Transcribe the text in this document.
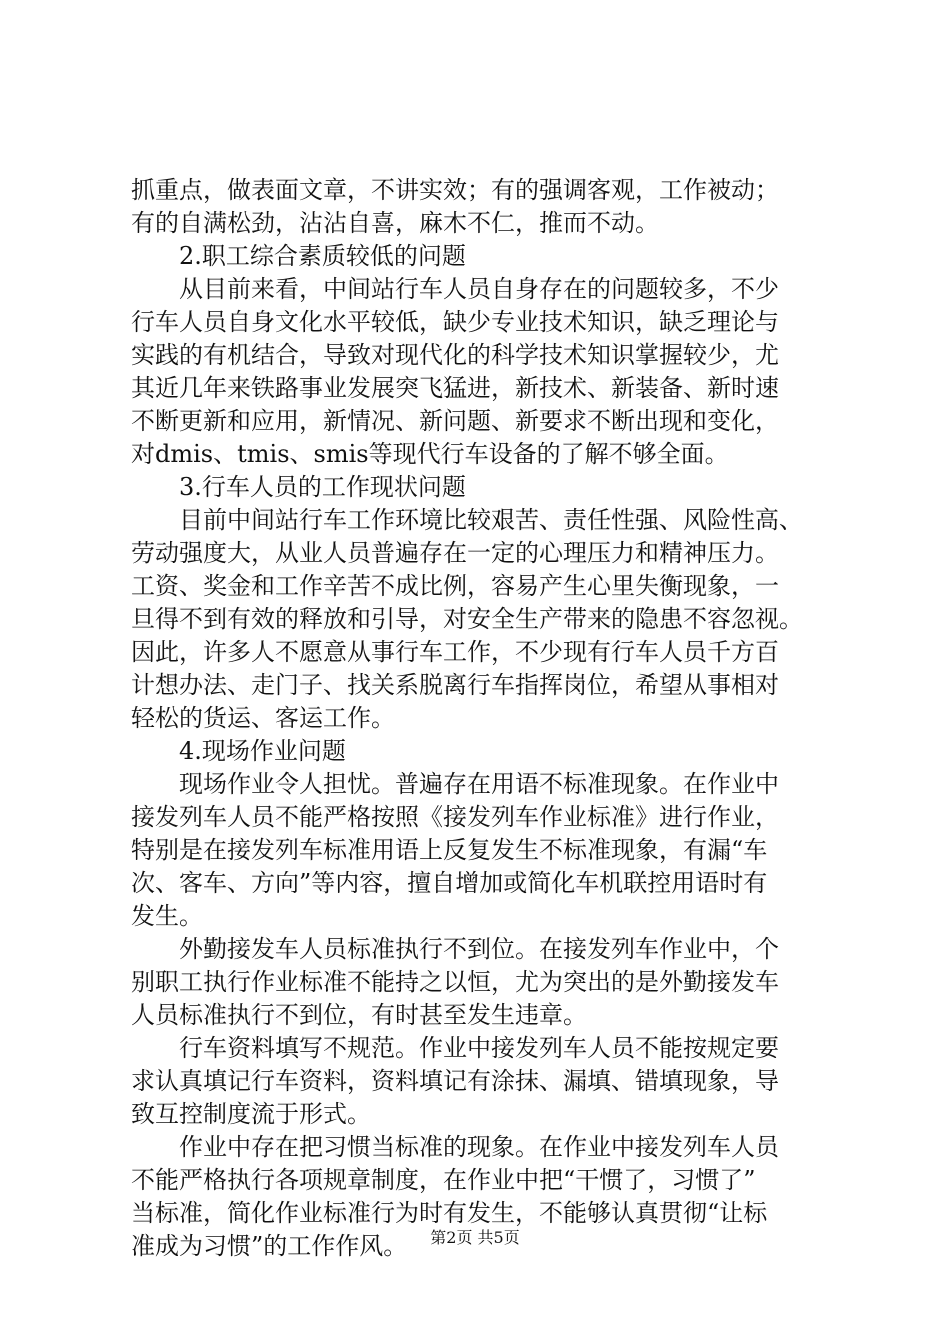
抓重点，做表面文章，不讲实效；有的强调客观，工作被动；
有的自满松劲，沾沾自喜，麻木不仁，推而不动。
　　2.职工综合素质较低的问题
　　从目前来看，中间站行车人员自身存在的问题较多，不少
行车人员自身文化水平较低，缺少专业技术知识，缺乏理论与
实践的有机结合，导致对现代化的科学技术知识掌握较少，尤
其近几年来铁路事业发展突飞猛进，新技术、新装备、新时速
不断更新和应用，新情况、新问题、新要求不断出现和变化，
对dmis、tmis、smis等现代行车设备的了解不够全面。
　　3.行车人员的工作现状问题
　　目前中间站行车工作环境比较艰苦、责任性强、风险性高、
劳动强度大，从业人员普遍存在一定的心理压力和精神压力。
工资、奖金和工作辛苦不成比例，容易产生心里失衡现象，一
旦得不到有效的释放和引导，对安全生产带来的隐患不容忽视。
因此，许多人不愿意从事行车工作，不少现有行车人员千方百
计想办法、走门子、找关系脱离行车指挥岗位，希望从事相对
轻松的货运、客运工作。
　　4.现场作业问题
　　现场作业令人担忧。普遍存在用语不标准现象。在作业中
接发列车人员不能严格按照《接发列车作业标准》进行作业，
特别是在接发列车标准用语上反复发生不标准现象，有漏“车
次、客车、方向”等内容，擅自增加或简化车机联控用语时有
发生。
　　外勤接发车人员标准执行不到位。在接发列车作业中，个
别职工执行作业标准不能持之以恒，尤为突出的是外勤接发车
人员标准执行不到位，有时甚至发生违章。
　　行车资料填写不规范。作业中接发列车人员不能按规定要
求认真填记行车资料，资料填记有涂抹、漏填、错填现象，导
致互控制度流于形式。
　　作业中存在把习惯当标准的现象。在作业中接发列车人员
不能严格执行各项规章制度，在作业中把“干惯了，习惯了”
当标准，简化作业标准行为时有发生，不能够认真贯彻“让标
准成为习惯”的工作作风。	第2页 共5页
